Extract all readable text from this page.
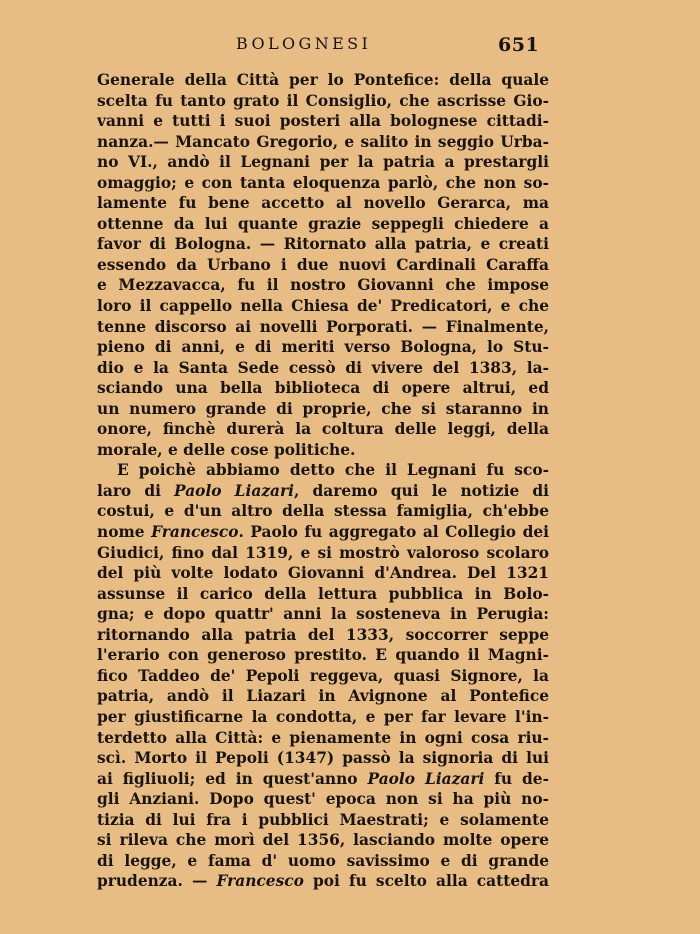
BOLOGNESI	651
Generale della Città per lo Pontefice: della quale
scelta fu tanto grato il Consiglio, che ascrisse Gio-
vanni e tutti i suoi posteri alla bolognese cittadi-
nanza.— Mancato Gregorio, e salito in seggio Urba-
no VI., andò il Legnani per la patria a prestargli
omaggio; e con tanta eloquenza parlò, che non so-
lamente fu bene accetto al novello Gerarca, ma
ottenne da lui quante grazie seppegli chiedere a
favor di Bologna. — Ritornato alla patria, e creati
essendo da Urbano i due nuovi Cardinali Caraffa
e Mezzavacca, fu il nostro Giovanni che impose
loro il cappello nella Chiesa de' Predicatori, e che
tenne discorso ai novelli Porporati. — Finalmente,
pieno di anni, e di meriti verso Bologna, lo Stu-
dio e la Santa Sede cessò di vivere del 1383, la-
sciando una bella biblioteca di opere altrui, ed
un numero grande di proprie, che si staranno in
onore, finchè durerà la coltura delle leggi, della
morale, e delle cose politiche.
E poichè abbiamo detto che il Legnani fu sco-
laro di Paolo Liazari, daremo qui le notizie di
costui, e d'un altro della stessa famiglia, ch'ebbe
nome Francesco. Paolo fu aggregato al Collegio dei
Giudici, fino dal 1319, e si mostrò valoroso scolaro
del più volte lodato Giovanni d'Andrea. Del 1321
assunse il carico della lettura pubblica in Bolo-
gna; e dopo quattr' anni la sosteneva in Perugia:
ritornando alla patria del 1333, soccorrer seppe
l'erario con generoso prestito. E quando il Magni-
fico Taddeo de' Pepoli reggeva, quasi Signore, la
patria, andò il Liazari in Avignone al Pontefice
per giustificarne la condotta, e per far levare l'in-
terdetto alla Città: e pienamente in ogni cosa riu-
scì. Morto il Pepoli (1347) passò la signoria di lui
ai figliuoli; ed in quest'anno Paolo Liazari fu de-
gli Anziani. Dopo quest' epoca non si ha più no-
tizia di lui fra i pubblici Maestrati; e solamente
si rileva che morì del 1356, lasciando molte opere
di legge, e fama d' uomo savissimo e di grande
prudenza. — Francesco poi fu scelto alla cattedra
